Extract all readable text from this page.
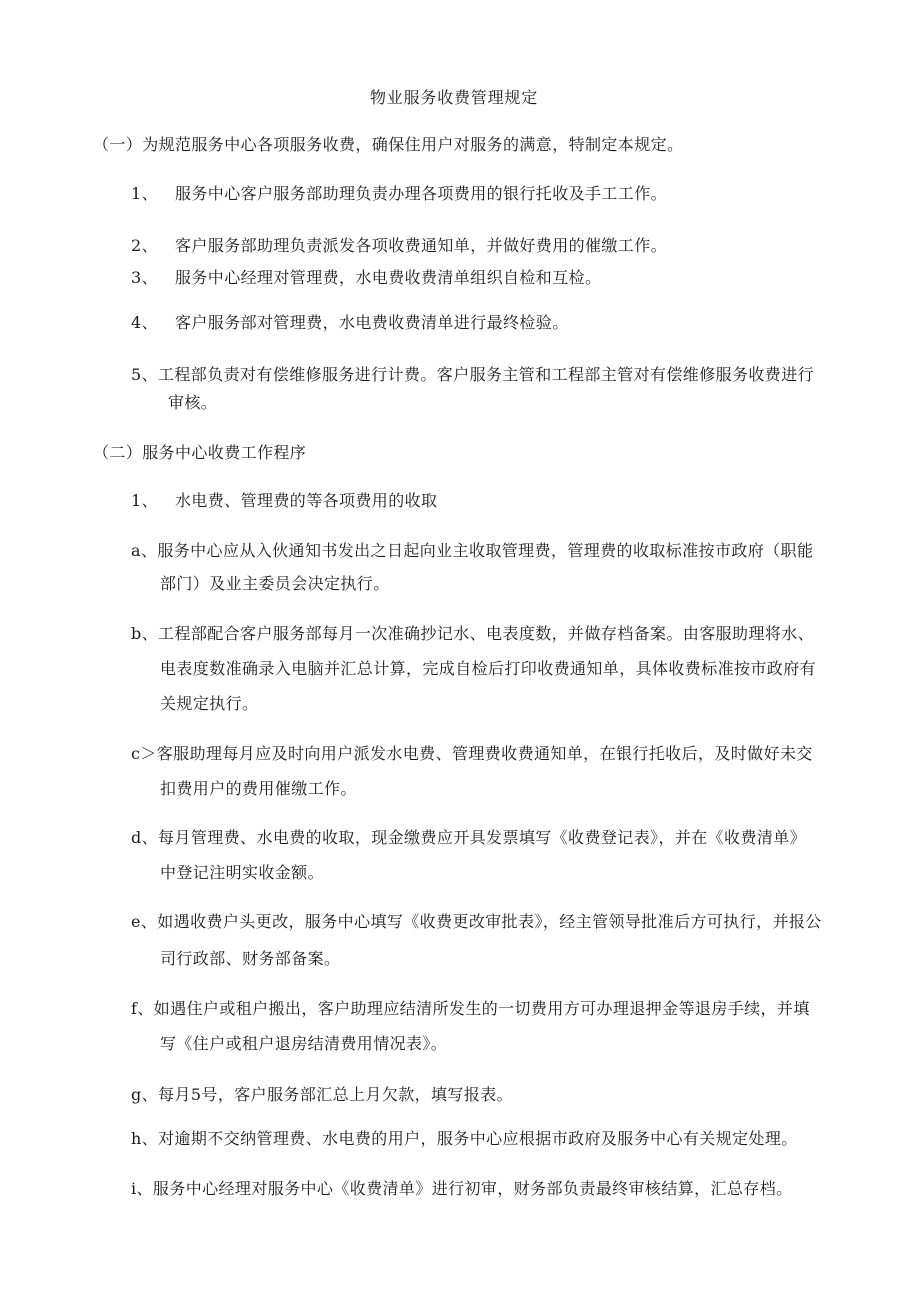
物业服务收费管理规定
（一）为规范服务中心各项服务收费，确保住用户对服务的满意，特制定本规定。
1、 服务中心客户服务部助理负责办理各项费用的银行托收及手工工作。
2、 客户服务部助理负责派发各项收费通知单，并做好费用的催缴工作。
3、 服务中心经理对管理费，水电费收费清单组织自检和互检。
4、 客户服务部对管理费，水电费收费清单进行最终检验。
5、工程部负责对有偿维修服务进行计费。客户服务主管和工程部主管对有偿维修服务收费进行
审核。
（二）服务中心收费工作程序
1、 水电费、管理费的等各项费用的收取
a、服务中心应从入伙通知书发出之日起向业主收取管理费，管理费的收取标准按市政府（职能
部门）及业主委员会决定执行。
b、工程部配合客户服务部每月一次准确抄记水、电表度数，并做存档备案。由客服助理将水、
电表度数准确录入电脑并汇总计算，完成自检后打印收费通知单，具体收费标准按市政府有
关规定执行。
c＞客服助理每月应及时向用户派发水电费、管理费收费通知单，在银行托收后，及时做好未交
扣费用户的费用催缴工作。
d、每月管理费、水电费的收取，现金缴费应开具发票填写《收费登记表》，并在《收费清单》
中登记注明实收金额。
e、如遇收费户头更改，服务中心填写《收费更改审批表》，经主管领导批准后方可执行，并报公
司行政部、财务部备案。
f、如遇住户或租户搬出，客户助理应结清所发生的一切费用方可办理退押金等退房手续，并填
写《住户或租户退房结清费用情况表》。
g、每月5号，客户服务部汇总上月欠款，填写报表。
h、对逾期不交纳管理费、水电费的用户，服务中心应根据市政府及服务中心有关规定处理。
i、服务中心经理对服务中心《收费清单》进行初审，财务部负责最终审核结算，汇总存档。
